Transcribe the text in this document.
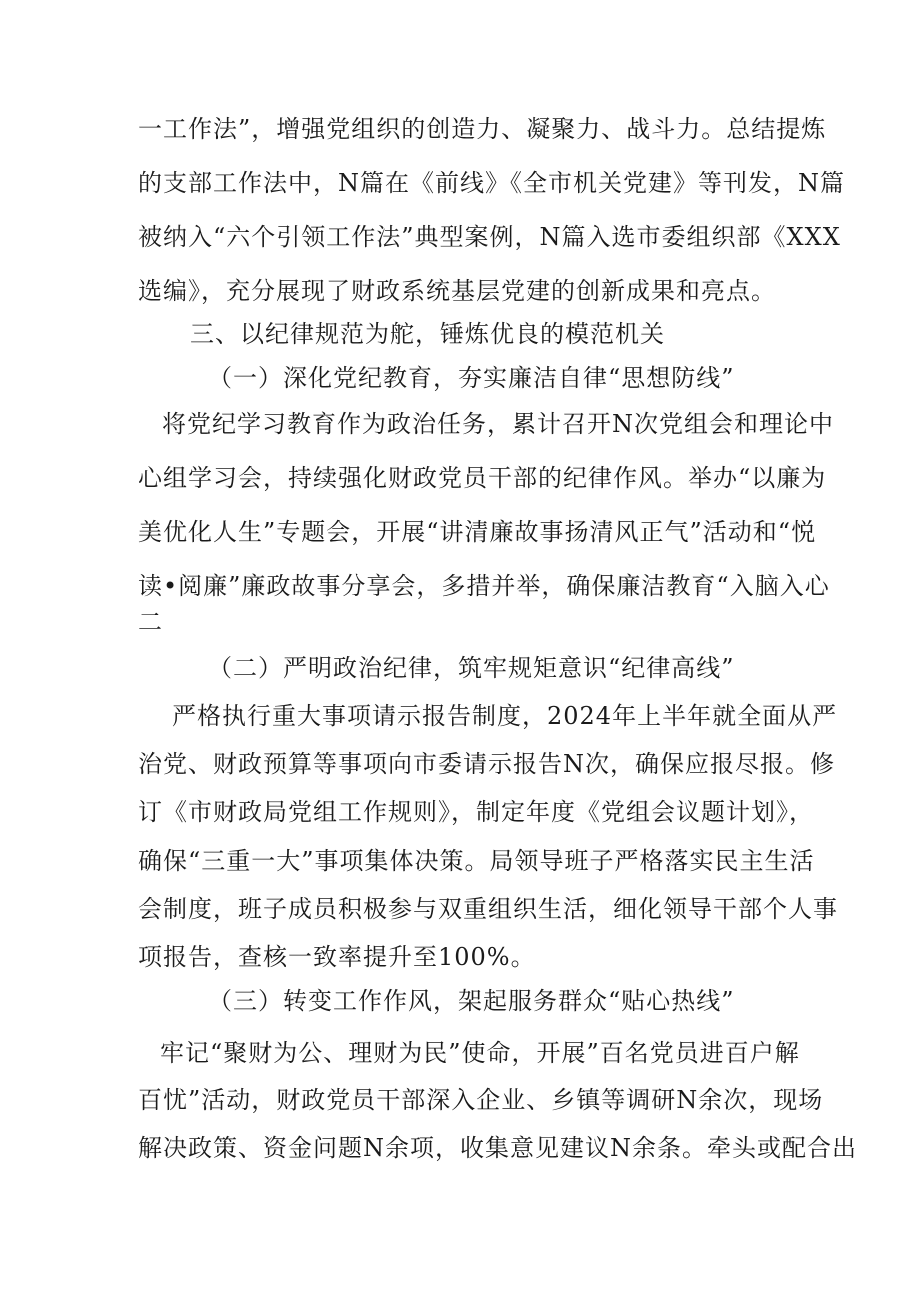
一工作法”，增强党组织的创造力、凝聚力、战斗力。总结提炼
的支部工作法中，N篇在《前线》《全市机关党建》等刊发，N篇
被纳入“六个引领工作法”典型案例，N篇入选市委组织部《XXX
选编》，充分展现了财政系统基层党建的创新成果和亮点。
三、以纪律规范为舵，锤炼优良的模范机关
（一）深化党纪教育，夯实廉洁自律“思想防线”
将党纪学习教育作为政治任务，累计召开N次党组会和理论中
心组学习会，持续强化财政党员干部的纪律作风。举办“以廉为
美优化人生”专题会，开展“讲清廉故事扬清风正气”活动和“悦
读•阅廉”廉政故事分享会，多措并举，确保廉洁教育“入脑入心
二
（二）严明政治纪律，筑牢规矩意识“纪律高线”
严格执行重大事项请示报告制度，2024年上半年就全面从严
治党、财政预算等事项向市委请示报告N次，确保应报尽报。修
订《市财政局党组工作规则》，制定年度《党组会议题计划》，
确保“三重一大”事项集体决策。局领导班子严格落实民主生活
会制度，班子成员积极参与双重组织生活，细化领导干部个人事
项报告，查核一致率提升至100%。
（三）转变工作作风，架起服务群众“贴心热线”
牢记“聚财为公、理财为民”使命，开展”百名党员进百户解
百忧”活动，财政党员干部深入企业、乡镇等调研N余次，现场
解决政策、资金问题N余项，收集意见建议N余条。牵头或配合出
